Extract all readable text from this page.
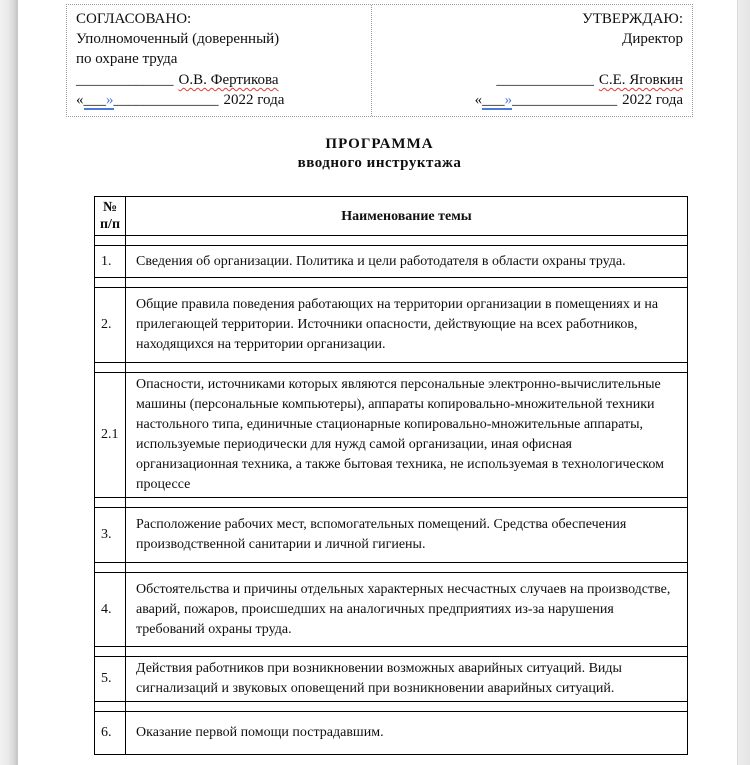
СОГЛАСОВАНО:
Уполномоченный (доверенный)
по охране труда
_____________ О.В. Фертикова
«___»______________ 2022 года
УТВЕРЖДАЮ:
Директор
_____________ С.Е. Яговкин
«___»______________ 2022 года
ПРОГРАММА
вводного инструктажа
№
п/п	Наименование темы

1.	Сведения об организации. Политика и цели работодателя в области охраны труда.

2.	Общие правила поведения работающих на территории организации в помещениях и на прилегающей территории. Источники опасности, действующие на всех работников, находящихся на территории организации.

2.1	Опасности, источниками которых являются персональные электронно-вычислительные машины (персональные компьютеры), аппараты копировально-множительной техники настольного типа, единичные стационарные копировально-множительные аппараты, используемые периодически для нужд самой организации, иная офисная организационная техника, а также бытовая техника, не используемая в технологическом процессе

3.	Расположение рабочих мест, вспомогательных помещений. Средства обеспечения производственной санитарии и личной гигиены.

4.	Обстоятельства и причины отдельных характерных несчастных случаев на производстве, аварий, пожаров, происшедших на аналогичных предприятиях из-за нарушения требований охраны труда.

5.	Действия работников при возникновении возможных аварийных ситуаций. Виды сигнализаций и звуковых оповещений при возникновении аварийных ситуаций.

6.	Оказание первой помощи пострадавшим.
